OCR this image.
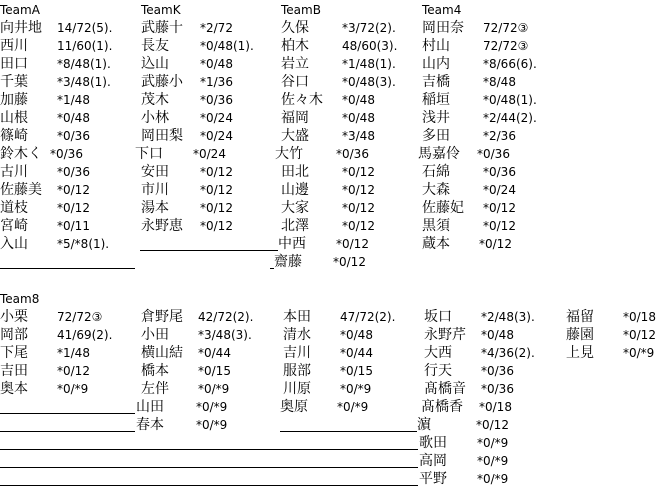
TeamA
向井地 14/72(5).
西川 11/60(1).
田口 *8/48(1).
千葉 *3/48(1).
加藤 *1/48
山根 *0/48
篠崎 *0/36
鈴木く *0/36
古川 *0/36
佐藤美 *0/12
道枝 *0/12
宮崎 *0/11
入山 *5/*8(1).
TeamK
武藤十 *2/72
長友	*0/48(1).
込山	*0/48
武藤小 *1/36
茂木	*0/36
小林	*0/24
岡田梨 *0/24
下口	*0/24
安田	*0/12
市川	*0/12
湯本	*0/12
永野恵 *0/12
TeamB
久保	*3/72(2).
柏木	48/60(3).
岩立	*1/48(1).
谷口	*0/48(3).
佐々木 *0/48
福岡	*0/48
大盛	*3/48
大竹	*0/36
田北	*0/12
山邊	*0/12
大家	*0/12
北澤	*0/12
中西	*0/12
齋藤	*0/12
Team4
岡田奈 72/72③
村山	72/72③
山内	*8/66(6).
吉橋	*8/48
稲垣	*0/48(1).
浅井	*2/44(2).
多田	*2/36
馬嘉伶 *0/36
石綿	*0/36
大森	*0/24
佐藤妃 *0/12
黒須	*0/12
蔵本 *0/12
Team8
小栗 72/72③
岡部 41/69(2).
下尾 *1/48
吉田 *0/12
奥本 *0/*9
倉野尾 42/72(2).
小田 *3/48(3).
横山結 *0/44
橋本 *0/15
左伴 *0/*9
山田	*0/*9
春本	*0/*9
本田 47/72(2).
清水 *0/48
吉川 *0/44
服部 *0/15
川原 *0/*9
奥原 *0/*9
坂口 *2/48(3).
永野芹 *0/48
大西 *4/36(2).
行天 *0/36
髙橋音 *0/36
髙橋香 *0/18
濵	*0/12
歌田	*0/*9
高岡	*0/*9
平野	*0/*9
福留 *0/18
藤園 *0/12
上見 *0/*9
